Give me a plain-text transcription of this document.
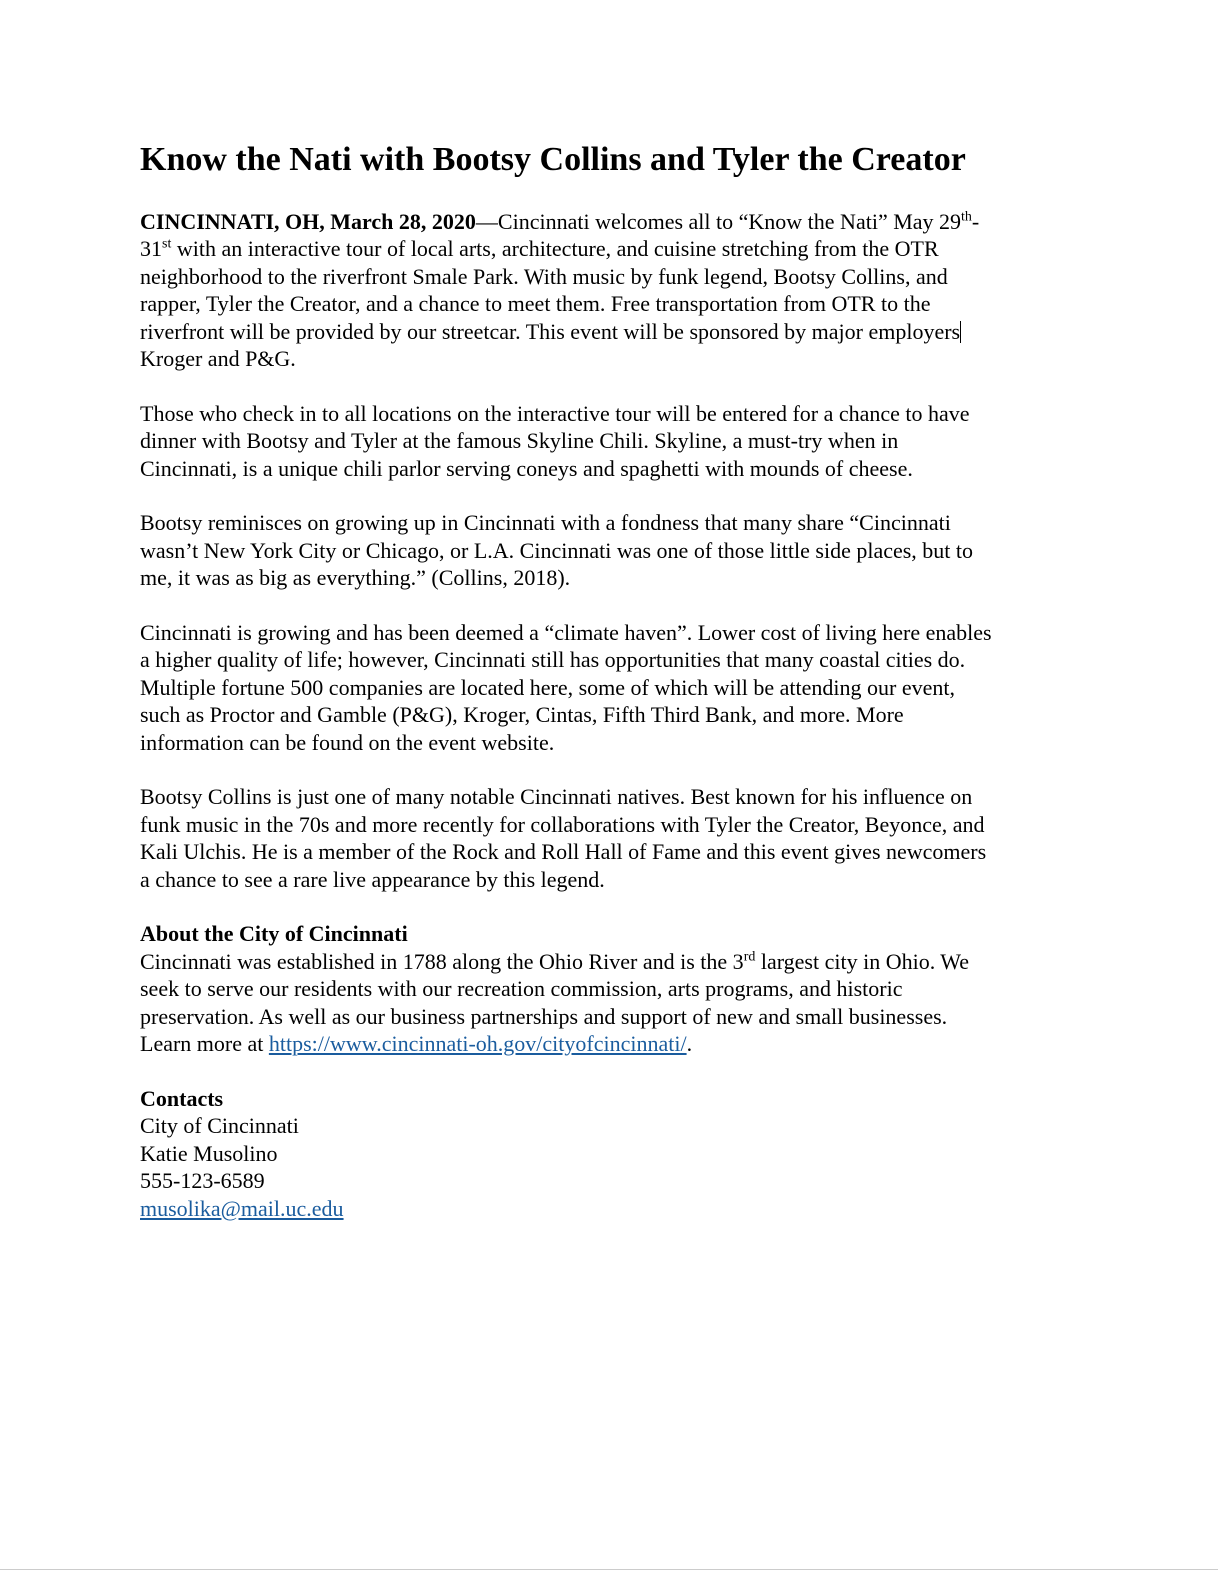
Know the Nati with Bootsy Collins and Tyler the Creator

CINCINNATI, OH, March 28, 2020—Cincinnati welcomes all to “Know the Nati” May 29th-
31st with an interactive tour of local arts, architecture, and cuisine stretching from the OTR
neighborhood to the riverfront Smale Park. With music by funk legend, Bootsy Collins, and
rapper, Tyler the Creator, and a chance to meet them. Free transportation from OTR to the
riverfront will be provided by our streetcar. This event will be sponsored by major employers
Kroger and P&G.

Those who check in to all locations on the interactive tour will be entered for a chance to have
dinner with Bootsy and Tyler at the famous Skyline Chili. Skyline, a must-try when in
Cincinnati, is a unique chili parlor serving coneys and spaghetti with mounds of cheese.

Bootsy reminisces on growing up in Cincinnati with a fondness that many share “Cincinnati
wasn’t New York City or Chicago, or L.A. Cincinnati was one of those little side places, but to
me, it was as big as everything.” (Collins, 2018).

Cincinnati is growing and has been deemed a “climate haven”. Lower cost of living here enables
a higher quality of life; however, Cincinnati still has opportunities that many coastal cities do.
Multiple fortune 500 companies are located here, some of which will be attending our event,
such as Proctor and Gamble (P&G), Kroger, Cintas, Fifth Third Bank, and more. More
information can be found on the event website.

Bootsy Collins is just one of many notable Cincinnati natives. Best known for his influence on
funk music in the 70s and more recently for collaborations with Tyler the Creator, Beyonce, and
Kali Ulchis. He is a member of the Rock and Roll Hall of Fame and this event gives newcomers
a chance to see a rare live appearance by this legend.

About the City of Cincinnati
Cincinnati was established in 1788 along the Ohio River and is the 3rd largest city in Ohio. We
seek to serve our residents with our recreation commission, arts programs, and historic
preservation. As well as our business partnerships and support of new and small businesses.
Learn more at https://www.cincinnati-oh.gov/cityofcincinnati/.

Contacts
City of Cincinnati
Katie Musolino
555-123-6589
musolika@mail.uc.edu
